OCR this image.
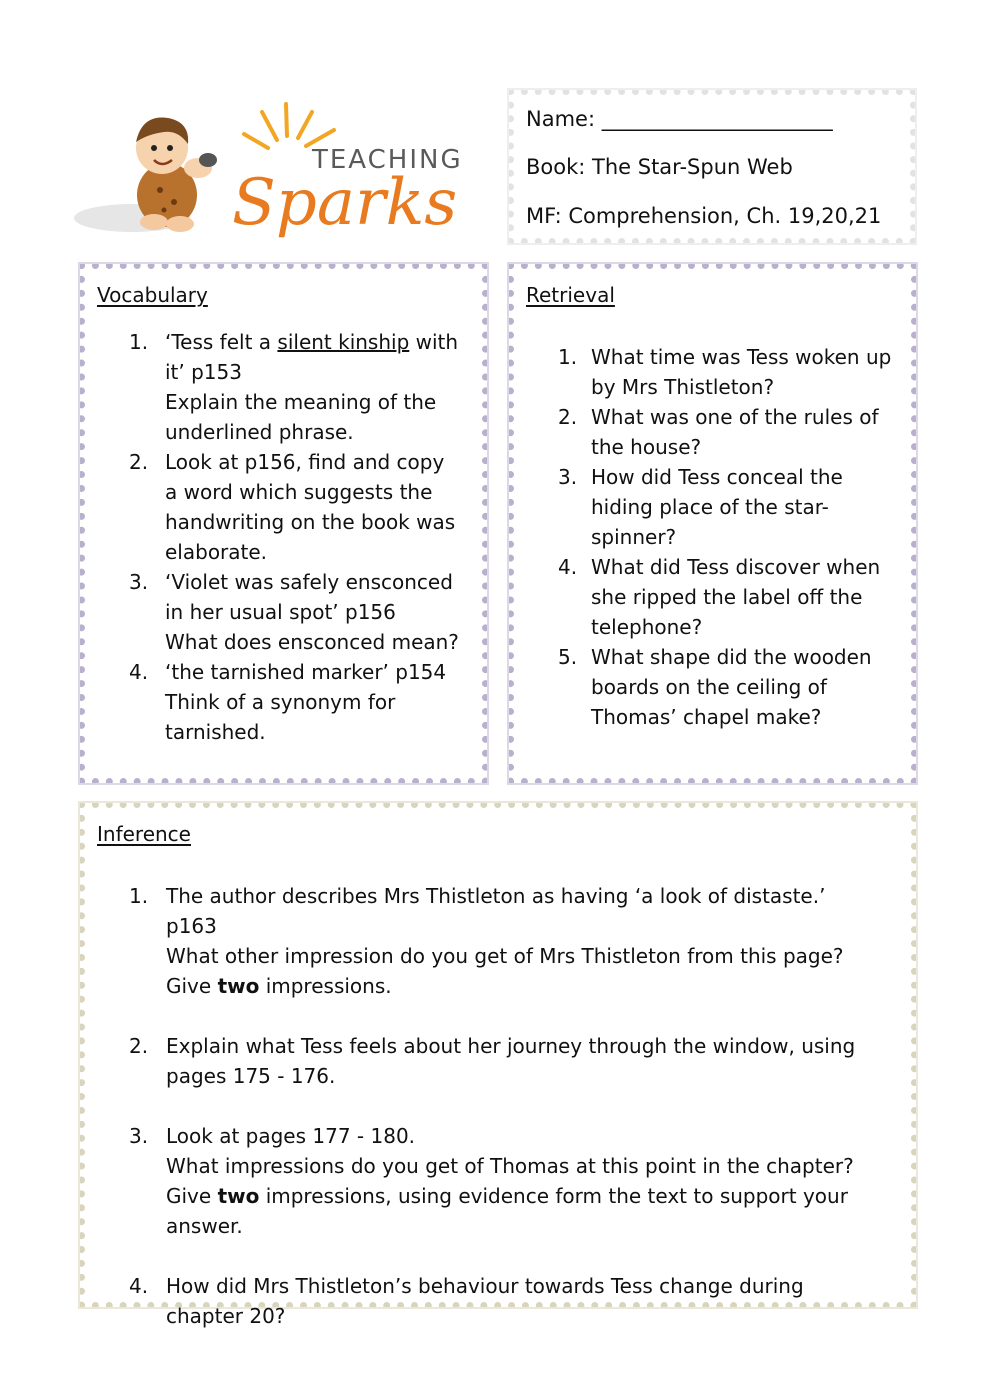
TEACHING
Sparks
Name: ______________________
Book: The Star-Spun Web
MF: Comprehension, Ch. 19,20,21
Vocabulary
1. ‘Tess felt a silent kinship with it’ p153
Explain the meaning of the underlined phrase.
2. Look at p156, find and copy a word which suggests the handwriting on the book was elaborate.
3. ‘Violet was safely ensconced in her usual spot’ p156
What does ensconced mean?
4. ‘the tarnished marker’ p154
Think of a synonym for tarnished.
Retrieval
1. What time was Tess woken up by Mrs Thistleton?
2. What was one of the rules of the house?
3. How did Tess conceal the hiding place of the star-spinner?
4. What did Tess discover when she ripped the label off the telephone?
5. What shape did the wooden boards on the ceiling of Thomas’ chapel make?
Inference
1. The author describes Mrs Thistleton as having ‘a look of distaste.’ p163
What other impression do you get of Mrs Thistleton from this page?
Give two impressions.
2. Explain what Tess feels about her journey through the window, using pages 175 - 176.
3. Look at pages 177 - 180.
What impressions do you get of Thomas at this point in the chapter?
Give two impressions, using evidence form the text to support your answer.
4. How did Mrs Thistleton’s behaviour towards Tess change during chapter 20?
